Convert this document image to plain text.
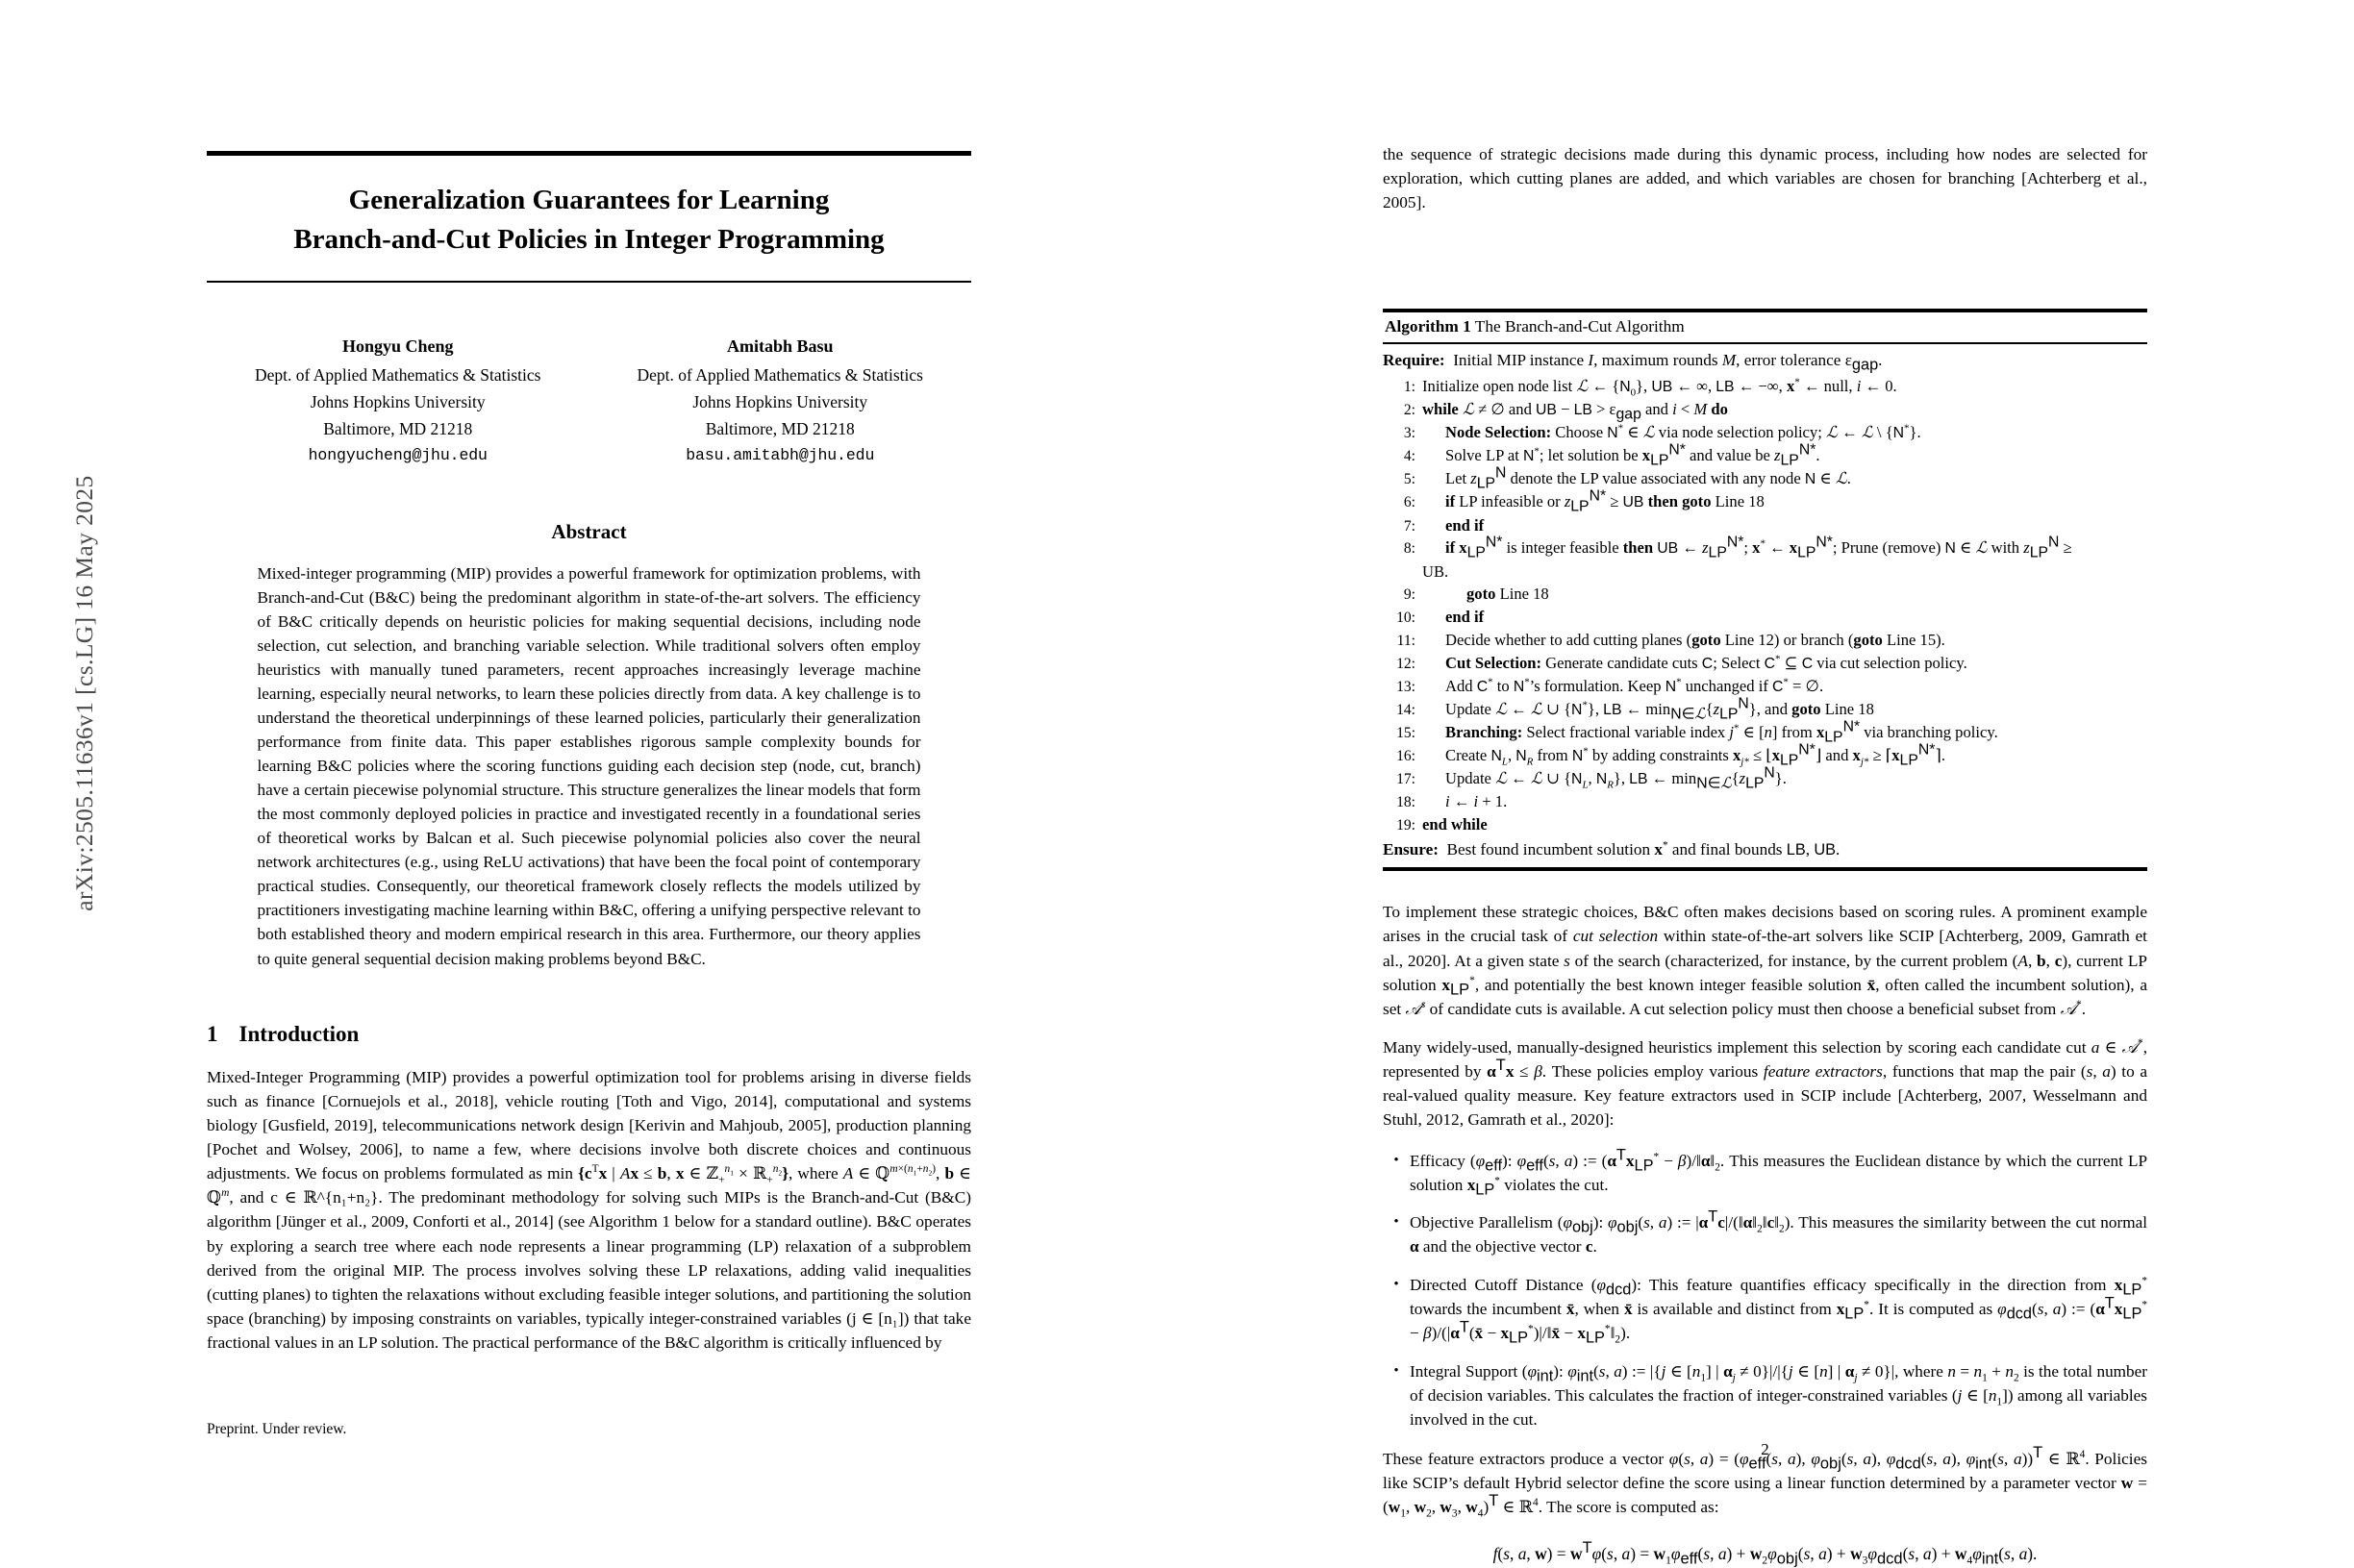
arXiv:2505.11636v1 [cs.LG] 16 May 2025
Generalization Guarantees for Learning
Branch-and-Cut Policies in Integer Programming
Hongyu Cheng
Dept. of Applied Mathematics & Statistics
Johns Hopkins University
Baltimore, MD 21218
hongyucheng@jhu.edu
Amitabh Basu
Dept. of Applied Mathematics & Statistics
Johns Hopkins University
Baltimore, MD 21218
basu.amitabh@jhu.edu
Abstract
Mixed-integer programming (MIP) provides a powerful framework for optimization problems, with Branch-and-Cut (B&C) being the predominant algorithm in state-of-the-art solvers. The efficiency of B&C critically depends on heuristic policies for making sequential decisions, including node selection, cut selection, and branching variable selection. While traditional solvers often employ heuristics with manually tuned parameters, recent approaches increasingly leverage machine learning, especially neural networks, to learn these policies directly from data. A key challenge is to understand the theoretical underpinnings of these learned policies, particularly their generalization performance from finite data. This paper establishes rigorous sample complexity bounds for learning B&C policies where the scoring functions guiding each decision step (node, cut, branch) have a certain piecewise polynomial structure. This structure generalizes the linear models that form the most commonly deployed policies in practice and investigated recently in a foundational series of theoretical works by Balcan et al. Such piecewise polynomial policies also cover the neural network architectures (e.g., using ReLU activations) that have been the focal point of contemporary practical studies. Consequently, our theoretical framework closely reflects the models utilized by practitioners investigating machine learning within B&C, offering a unifying perspective relevant to both established theory and modern empirical research in this area. Furthermore, our theory applies to quite general sequential decision making problems beyond B&C.
1 Introduction
Mixed-Integer Programming (MIP) provides a powerful optimization tool for problems arising in diverse fields such as finance [Cornuejols et al., 2018], vehicle routing [Toth and Vigo, 2014], computational and systems biology [Gusfield, 2019], telecommunications network design [Kerivin and Mahjoub, 2005], production planning [Pochet and Wolsey, 2006], to name a few, where decisions involve both discrete choices and continuous adjustments. We focus on problems formulated as $\min \{c^Tx$ | Ax ≤ b, x ∈ ℤ$_+^{n_1}$ × ℝ$_+^{n_2}$}, where A ∈ ℚ$^{m\times(n_1+n_2)}$, b ∈ ℚ$^m$, and c ∈ ℝ^{n₁+n₂}. The predominant methodology for solving such MIPs is the Branch-and-Cut (B&C) algorithm [Jünger et al., 2009, Conforti et al., 2014] (see Algorithm 1 below for a standard outline). B&C operates by exploring a search tree where each node represents a linear programming (LP) relaxation of a subproblem derived from the original MIP. The process involves solving these LP relaxations, adding valid inequalities (cutting planes) to tighten the relaxations without excluding feasible integer solutions, and partitioning the solution space (branching) by imposing constraints on variables, typically integer-constrained variables (j ∈ [n₁]) that take fractional values in an LP solution. The practical performance of the B&C algorithm is critically influenced by
Preprint. Under review.
the sequence of strategic decisions made during this dynamic process, including how nodes are selected for exploration, which cutting planes are added, and which variables are chosen for branching [Achterberg et al., 2005].
Algorithm 1 The Branch-and-Cut Algorithm
Require:  Initial MIP instance I, maximum rounds M, error tolerance $\varepsilon_{gap}$.
1: Initialize open node list ℒ ← $\{N_0\}$, UB ← ∞, LB ← −∞, x* ← null, i ← 0.
2: while ℒ ≠ ∅ and UB − LB > $\varepsilon_{gap}$ and i < M do
3:	Node Selection: Choose N* ∈ ℒ via node selection policy; ℒ ← ℒ \ {N*}.
4:	Solve LP at N*; let solution be $x_{LP}^{N*}$ and value be $z_{LP}^{N*}$.
5:	Let $z_{LP}^N$ denote the LP value associated with any node N ∈ ℒ.
6:	if LP infeasible or $z_{LP}^{N*}$ ≥ UB then goto Line 18
7:	end if
8:	if $x_{LP}^{N*}$ is integer feasible then UB ← $z_{LP}^{N*}$; x* ← $x_{LP}^{N*}$; Prune (remove) N ∈ ℒ with $z_{LP}^N$ ≥
UB.
9:	goto Line 18
10:	end if
11:	Decide whether to add cutting planes (goto Line 12) or branch (goto Line 15).
12:	Cut Selection: Generate candidate cuts C; Select C* ⊆ C via cut selection policy.
13:	Add C* to N*’s formulation. Keep N* unchanged if C* = ∅.
14:	Update ℒ ← ℒ ∪ {N*}, LB ← $\min_{N\in ℒ}\{z_{LP}^N\}$, and goto Line 18
15:	Branching: Select fractional variable index j* ∈ [n] from $x_{LP}^{N*}$ via branching policy.
16:	Create $N_L$, $N_R$ from N* by adding constraints $x_{j*}$ ≤ $⌊x_{LP}^{N*}⌋$ and $x_{j*}$ ≥ $⌈x_{LP}^{N*}⌉$.
17:	Update ℒ ← ℒ ∪ {$N_L$, $N_R$}, LB ← $\min_{N\in ℒ}\{z_{LP}^N\}$.
18:	i ← i + 1.
19: end while
Ensure:  Best found incumbent solution x* and final bounds LB, UB.
To implement these strategic choices, B&C often makes decisions based on scoring rules. A prominent example arises in the crucial task of cut selection within state-of-the-art solvers like SCIP [Achterberg, 2009, Gamrath et al., 2020]. At a given state s of the search (characterized, for instance, by the current problem (A, b, c), current LP solution $x_{LP}^*$, and potentially the best known integer feasible solution x̄, often called the incumbent solution), a set 𝒜$^s$ of candidate cuts is available. A cut selection policy must then choose a beneficial subset from 𝒜*.
Many widely-used, manually-designed heuristics implement this selection by scoring each candidate cut a ∈ 𝒜*, represented by $\alpha^Tx \le \beta$. These policies employ various feature extractors, functions that map the pair (s, a) to a real-valued quality measure. Key feature extractors used in SCIP include [Achterberg, 2007, Wesselmann and Stuhl, 2012, Gamrath et al., 2020]:
• Efficacy $(\varphi_{eff})$: $\varphi_{eff}(s$, a) := ($\alpha^Tx_{LP}^*$ − $\beta)/‖\alpha‖_2$. This measures the Euclidean distance by which the current LP solution $x_{LP}^*$ violates the cut.
• Objective Parallelism $(\varphi_{obj})$: $\varphi_{obj}(s$, a) := $|\alpha^Tc|/(‖\alpha‖_2‖c‖_2)$. This measures the similarity between the cut normal α and the objective vector c.
• Directed Cutoff Distance $(\varphi_{dcd})$: This feature quantifies efficacy specifically in the direction from $x_{LP}^*$ towards the incumbent x̄, when x̄ is available and distinct from $x_{LP}^*$. It is computed as $\varphi_{dcd}(s$, a) := ($\alpha^Tx_{LP}^*$ − $\beta)/(|\alpha^T(x̄$ − $x_{LP}^*)|/‖x̄$ − $x_{LP}^*‖_2$).
• Integral Support $(\varphi_{int})$: $\varphi_{int}(s$, a) := |{j ∈ $[n_1]$ | $\alpha_j \ne 0\}|/|\{j$ ∈ [n] | $\alpha_j \ne 0\}|$, where $n = n_1 + n_2$ is the total number of decision variables. This calculates the fraction of integer-constrained variables (j ∈ $[n_1]$) among all variables involved in the cut.
These feature extractors produce a vector φ(s, $a) = (\varphi_{eff}(s$, a), $\varphi_{obj}(s$, a), $\varphi_{dcd}(s$, a), $\varphi_{int}(s$, a))$^T$ ∈ ℝ$^4$. Policies like SCIP’s default Hybrid selector define the score using a linear function determined by a parameter vector $w = (w_1$, $w_2$, $w_3$, $w_4)^T$ ∈ ℝ$^4$. The score is computed as:
f(s, a, $w) = w^T\varphi(s$, $a) = w_1\varphi_{eff}(s$, $a) + w_2\varphi_{obj}(s$, $a) + w_3\varphi_{dcd}(s$, $a) + w_4\varphi_{int}(s$, a).
2
